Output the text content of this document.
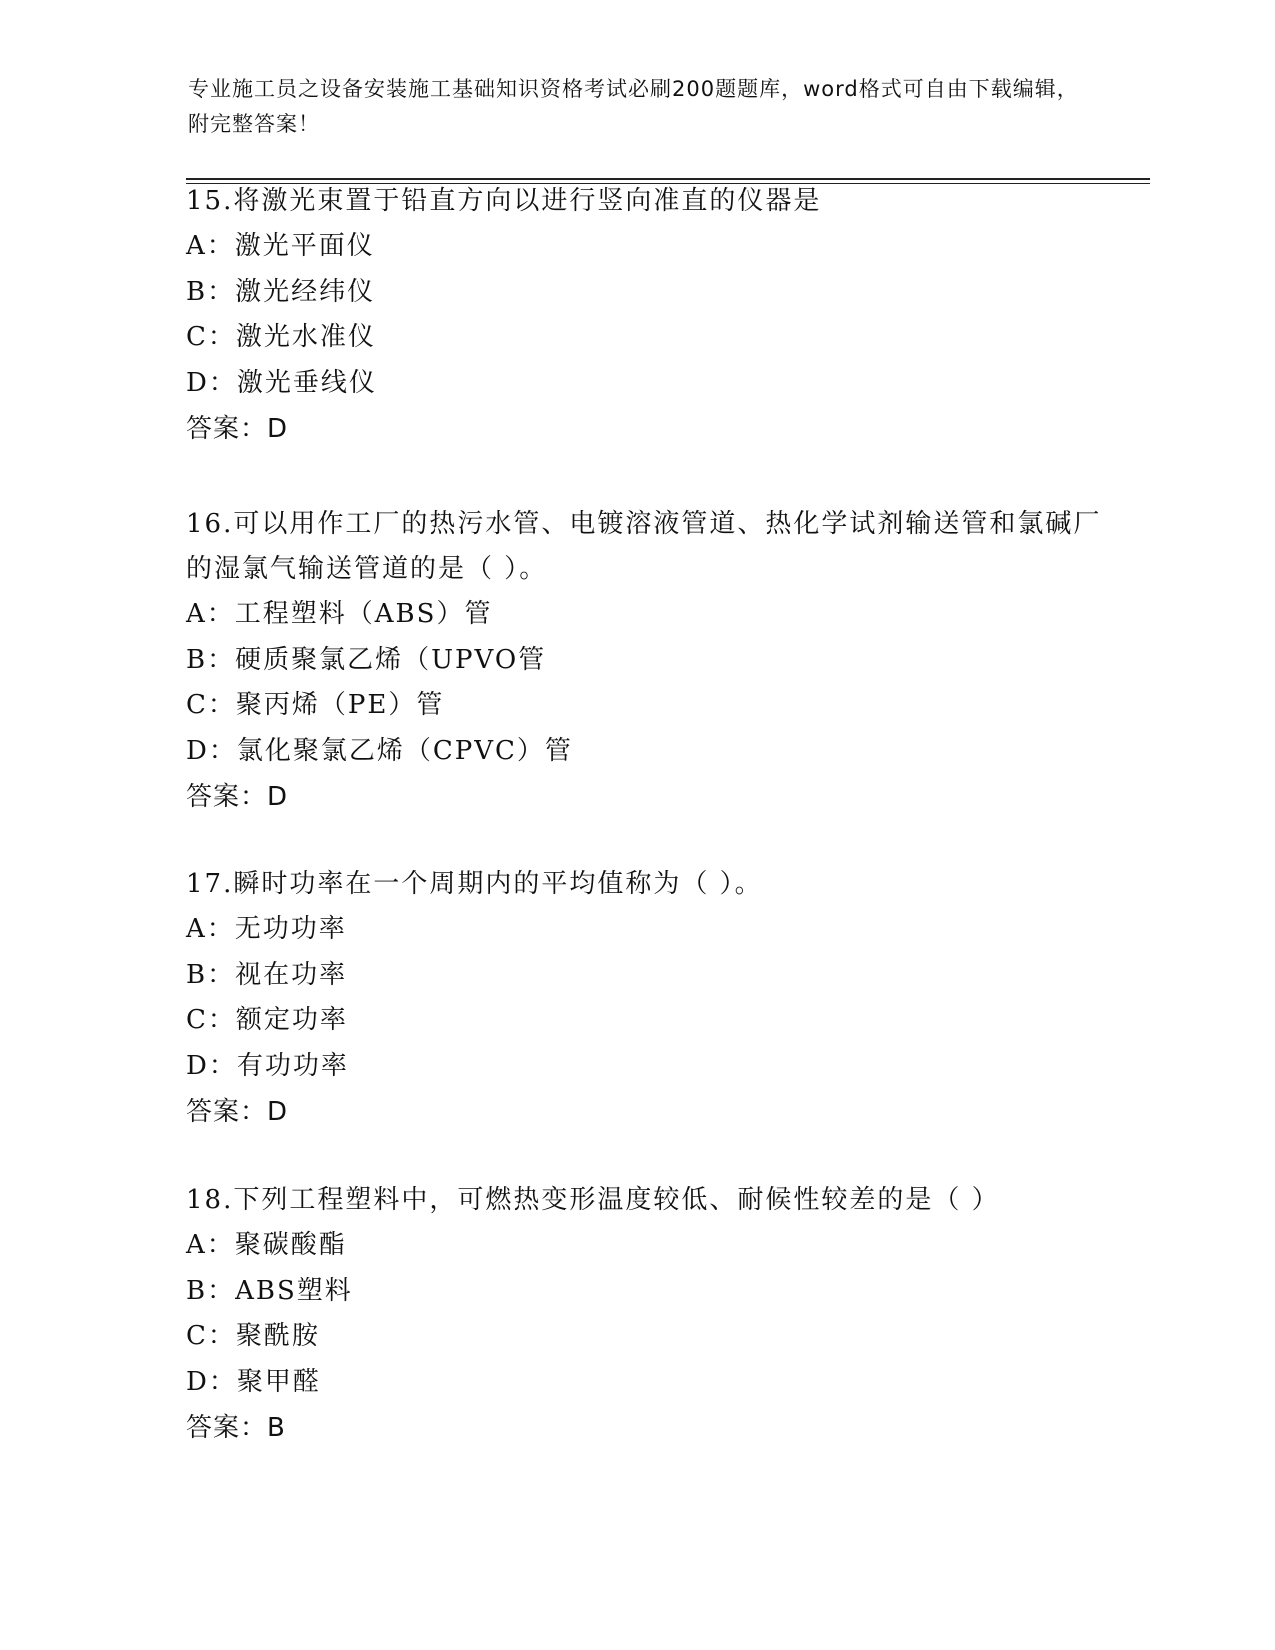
专业施工员之设备安装施工基础知识资格考试必刷200题题库，word格式可自由下载编辑，附完整答案！

15.将激光束置于铅直方向以进行竖向准直的仪器是

A：激光平面仪

B：激光经纬仪

C：激光水准仪

D：激光垂线仪

答案：D

16.可以用作工厂的热污水管、电镀溶液管道、热化学试剂输送管和氯碱厂的湿氯气输送管道的是（ ）。

A：工程塑料（ABS）管

B：硬质聚氯乙烯（UPVO管

C：聚丙烯（PE）管

D：氯化聚氯乙烯（CPVC）管

答案：D

17.瞬时功率在一个周期内的平均值称为（ ）。

A：无功功率

B：视在功率

C：额定功率

D：有功功率

答案：D

18.下列工程塑料中，可燃热变形温度较低、耐候性较差的是（ ）

A：聚碳酸酯

B：ABS塑料

C：聚酰胺

D：聚甲醛

答案：B
